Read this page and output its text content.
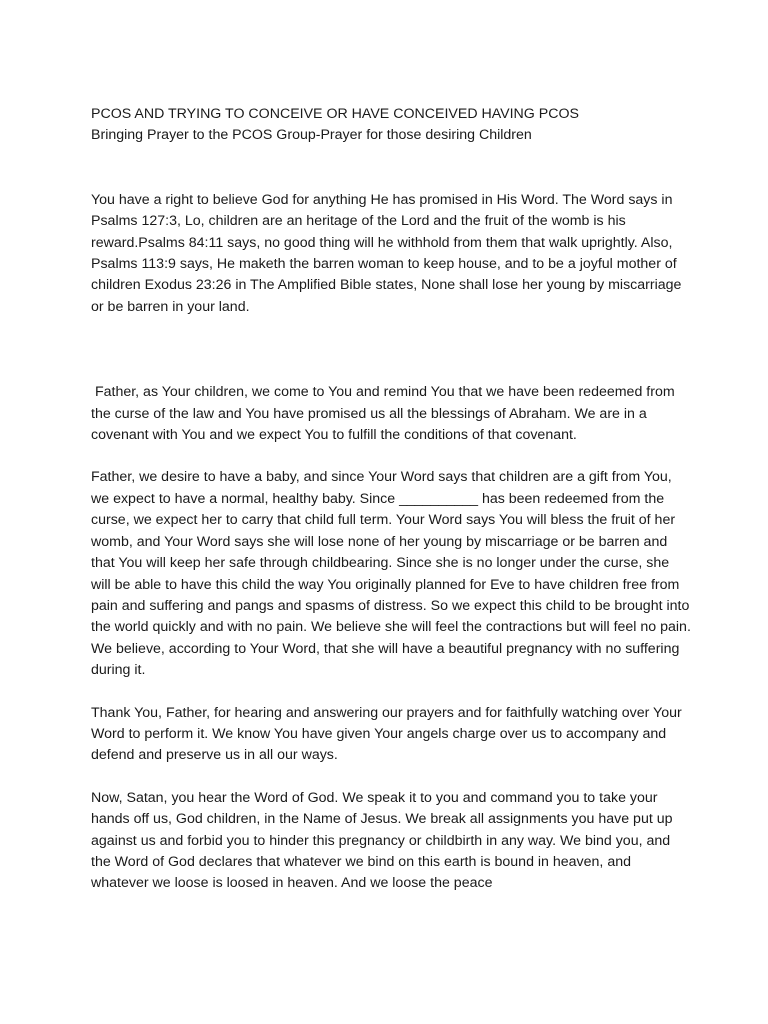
PCOS AND TRYING TO CONCEIVE OR HAVE CONCEIVED HAVING PCOS

Bringing Prayer to the PCOS Group-Prayer for those desiring Children

You have a right to believe God for anything He has promised in His Word. The Word says in Psalms 127:3, Lo, children are an heritage of the Lord and the fruit of the womb is his reward.Psalms 84:11 says, no good thing will he withhold from them that walk uprightly. Also, Psalms 113:9 says, He maketh the barren woman to keep house, and to be a joyful mother of children Exodus 23:26 in The Amplified Bible states, None shall lose her young by miscarriage or be barren in your land.

Father, as Your children, we come to You and remind You that we have been redeemed from the curse of the law and You have promised us all the blessings of Abraham. We are in a covenant with You and we expect You to fulfill the conditions of that covenant.

Father, we desire to have a baby, and since Your Word says that children are a gift from You, we expect to have a normal, healthy baby. Since __________ has been redeemed from the curse, we expect her to carry that child full term. Your Word says You will bless the fruit of her womb, and Your Word says she will lose none of her young by miscarriage or be barren and that You will keep her safe through childbearing. Since she is no longer under the curse, she will be able to have this child the way You originally planned for Eve to have children free from pain and suffering and pangs and spasms of distress. So we expect this child to be brought into the world quickly and with no pain. We believe she will feel the contractions but will feel no pain. We believe, according to Your Word, that she will have a beautiful pregnancy with no suffering during it.

Thank You, Father, for hearing and answering our prayers and for faithfully watching over Your Word to perform it. We know You have given Your angels charge over us to accompany and defend and preserve us in all our ways.

Now, Satan, you hear the Word of God. We speak it to you and command you to take your hands off us, God children, in the Name of Jesus. We break all assignments you have put up against us and forbid you to hinder this pregnancy or childbirth in any way. We bind you, and the Word of God declares that whatever we bind on this earth is bound in heaven, and whatever we loose is loosed in heaven. And we loose the peace
